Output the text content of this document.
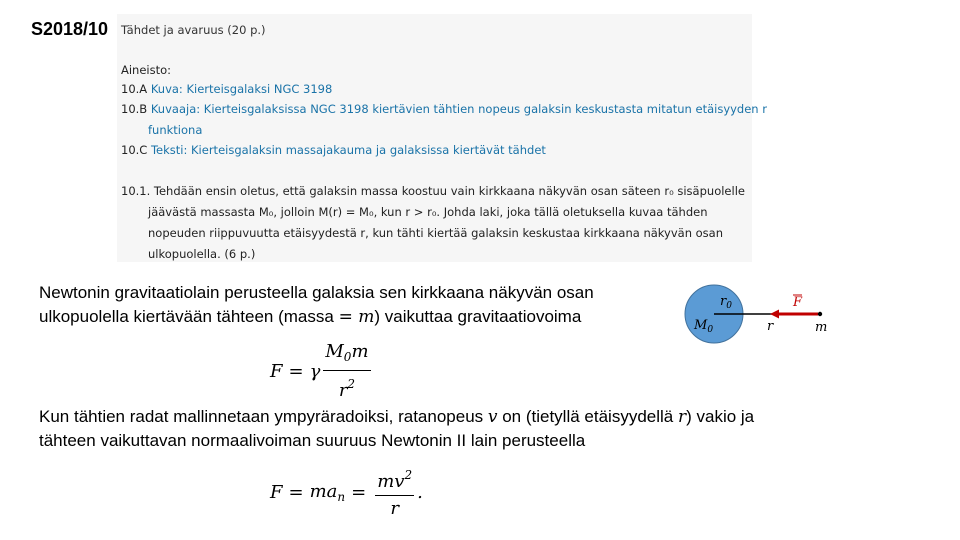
S2018/10 Tähdet ja avaruus (20 p.)
Aineisto:
10.A Kuva: Kierteisgalaksi NGC 3198
10.B Kuvaaja: Kierteisgalaksissa NGC 3198 kiertävien tähtien nopeus galaksin keskustasta mitatun etäisyyden r
funktiona
10.C Teksti: Kierteisgalaksin massajakauma ja galaksissa kiertävät tähdet
10.1. Tehdään ensin oletus, että galaksin massa koostuu vain kirkkaana näkyvän osan säteen r₀ sisäpuolelle
jäävästä massasta M₀, jolloin M(r) = M₀, kun r > r₀. Johda laki, joka tällä oletuksella kuvaa tähden
nopeuden riippuvuutta etäisyydestä r, kun tähti kiertää galaksin keskustaa kirkkaana näkyvän osan
ulkopuolella. (6 p.)
Newtonin gravitaatiolain perusteella galaksia sen kirkkaana näkyvän osan
ulkopuolella kiertävään tähteen (massa = m) vaikuttaa gravitaatiovoima
F = γ $\frac{M_0m}{r^2}$
Kun tähtien radat mallinnetaan ympyräradoiksi, ratanopeus v on (tietyllä etäisyydellä r) vakio ja
tähteen vaikuttavan normaalivoiman suuruus Newtonin II lain perusteella
$F = ma_n = \frac{mv^2}{r}$ .
$r_0$
$M_0$	r
F
m
